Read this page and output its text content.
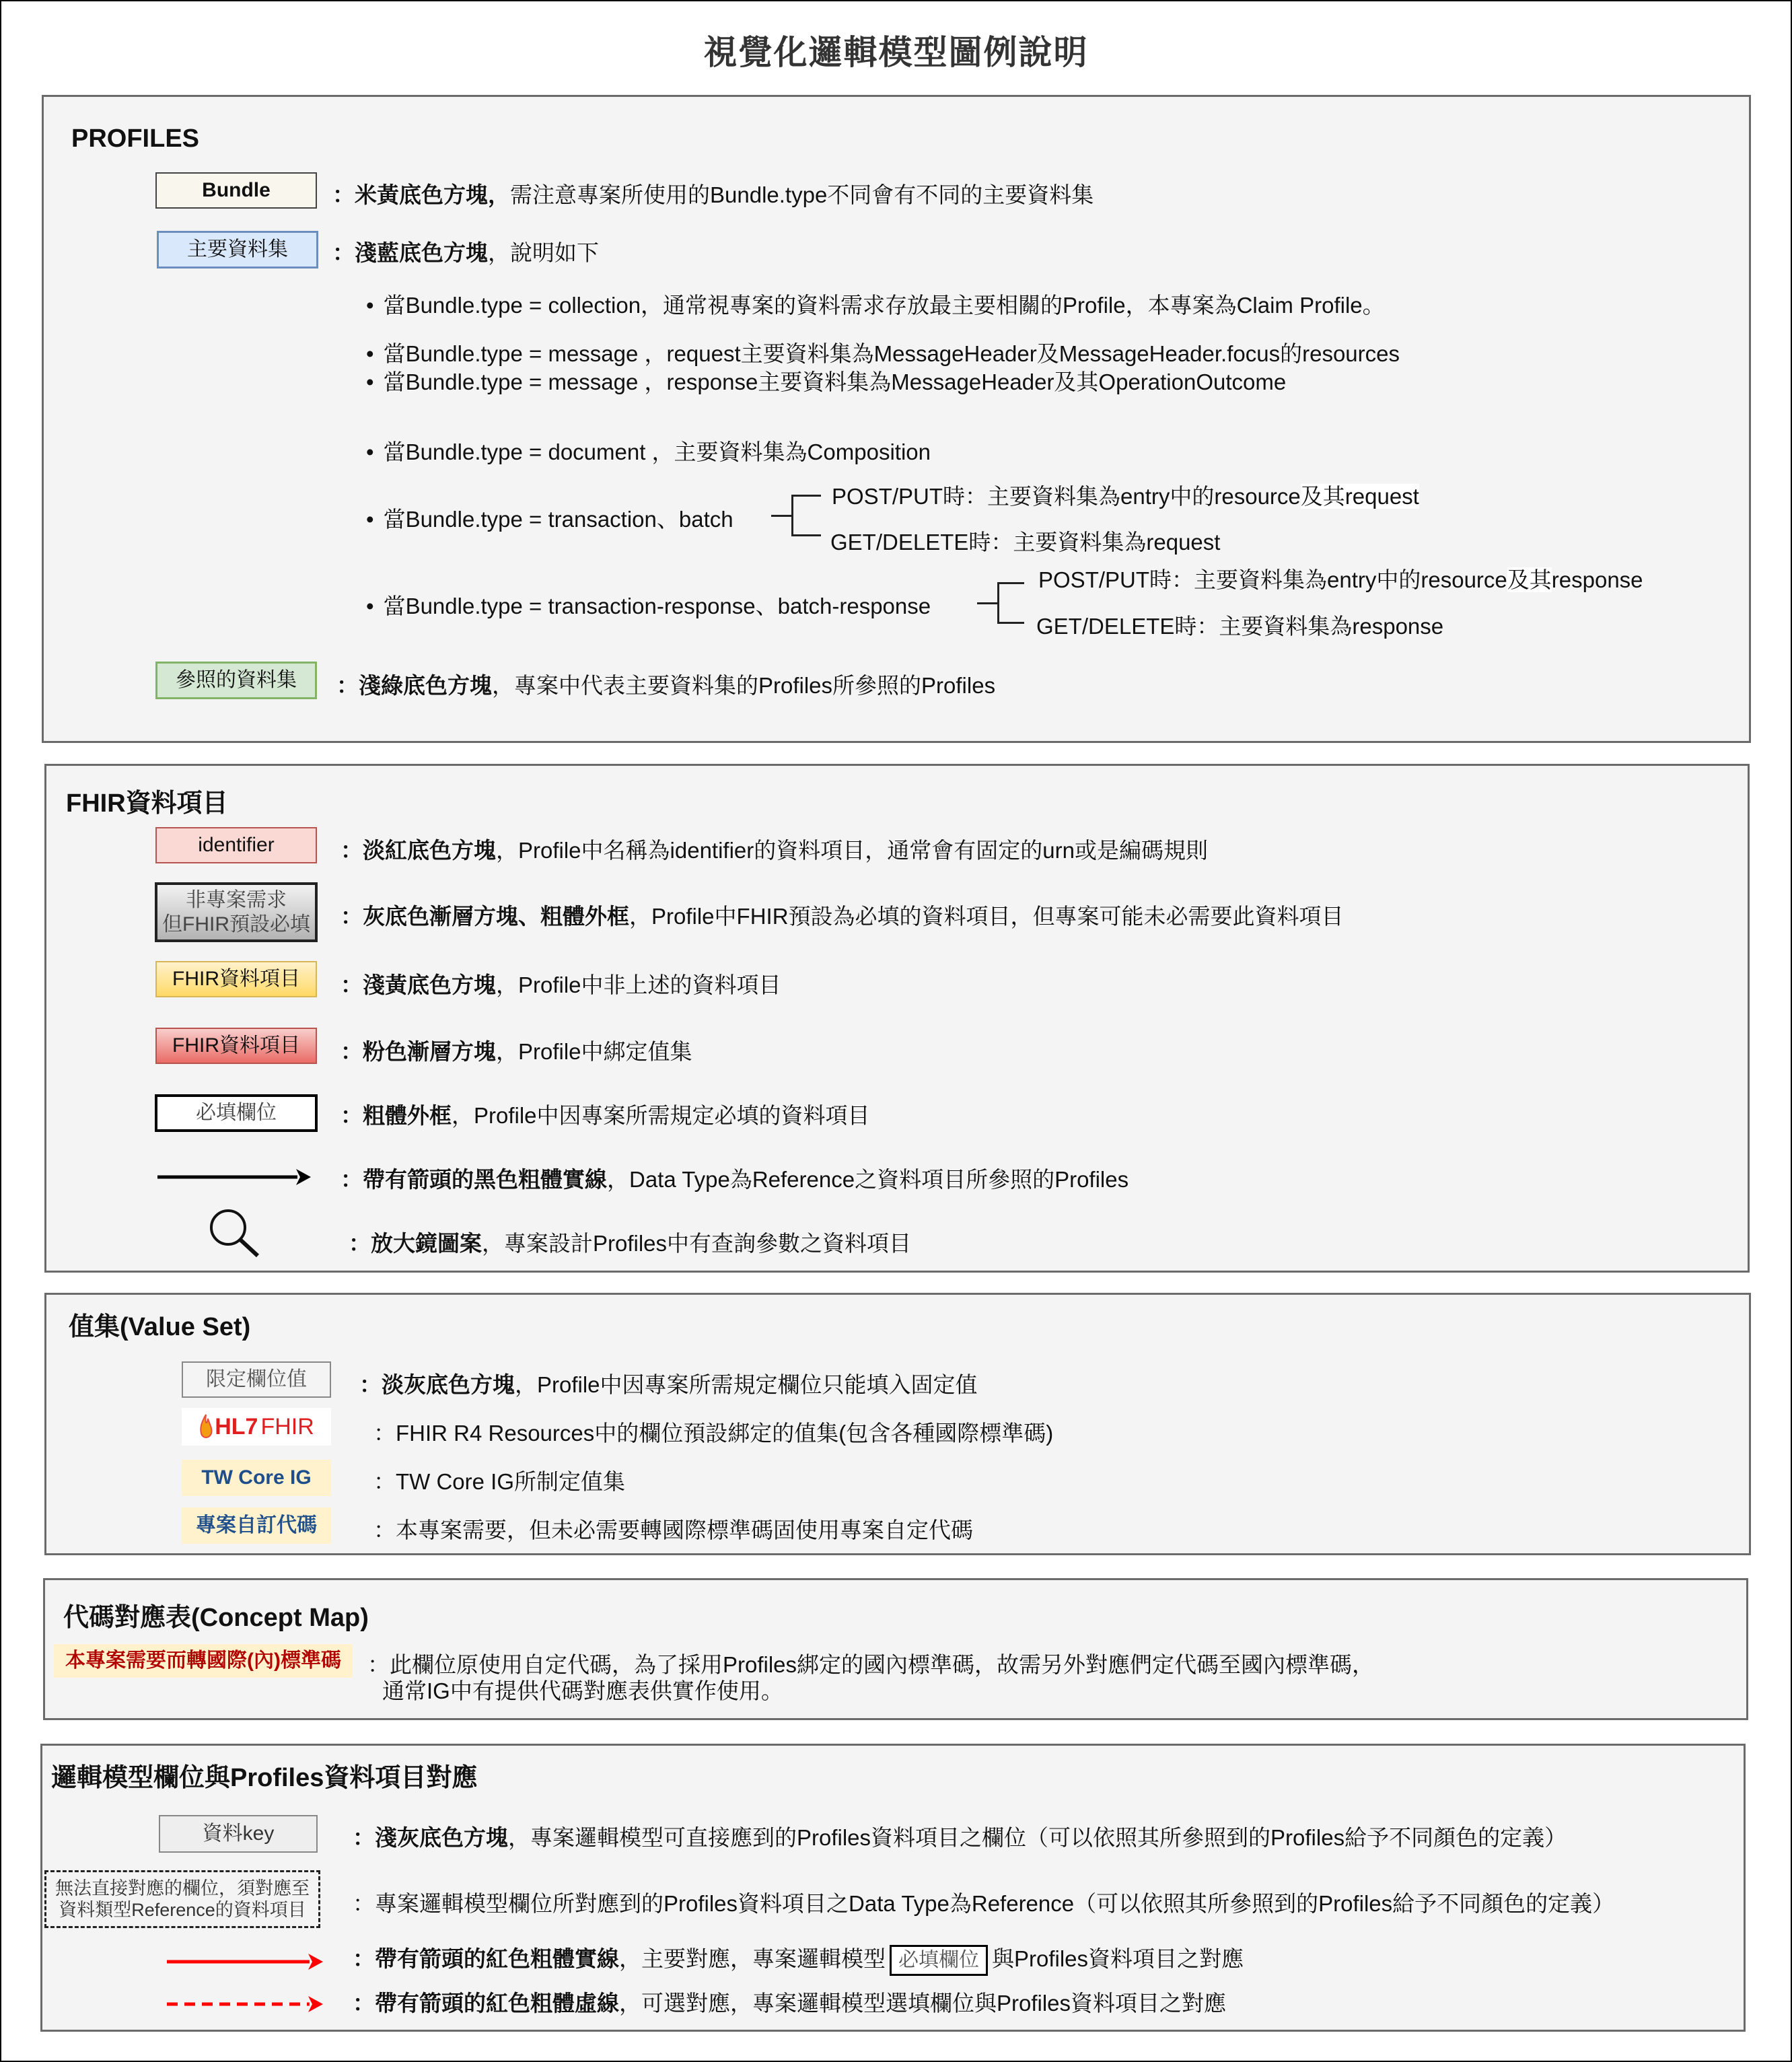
視覺化邏輯模型圖例說明
PROFILES
Bundle	：米黃底色方塊，需注意專案所使用的Bundle.type不同會有不同的主要資料集
主要資料集	：淺藍底色方塊，說明如下
• 當Bundle.type = collection，通常視專案的資料需求存放最主要相關的Profile，本專案為Claim Profile。
• 當Bundle.type = message ，request主要資料集為MessageHeader及MessageHeader.focus的resources
• 當Bundle.type = message ，response主要資料集為MessageHeader及其OperationOutcome
• 當Bundle.type = document ，主要資料集為Composition
• 當Bundle.type = transaction、batch
POST/PUT時：主要資料集為entry中的resource及其request
GET/DELETE時：主要資料集為request
• 當Bundle.type = transaction-response、batch-response
POST/PUT時：主要資料集為entry中的resource及其response
GET/DELETE時：主要資料集為response
參照的資料集	：淺綠底色方塊，專案中代表主要資料集的Profiles所參照的Profiles
FHIR資料項目
identifier	：淡紅底色方塊，Profile中名稱為identifier的資料項目，通常會有固定的urn或是編碼規則
非專案需求
但FHIR預設必填 ：灰底色漸層方塊、粗體外框，Profile中FHIR預設為必填的資料項目，但專案可能未必需要此資料項目
FHIR資料項目	：淺黃底色方塊，Profile中非上述的資料項目
FHIR資料項目	：粉色漸層方塊，Profile中綁定值集
必填欄位	：粗體外框，Profile中因專案所需規定必填的資料項目
：帶有箭頭的黑色粗體實線，Data Type為Reference之資料項目所參照的Profiles
：放大鏡圖案，專案設計Profiles中有查詢參數之資料項目
值集(Value Set)
限定欄位值	：淡灰底色方塊，Profile中因專案所需規定欄位只能填入固定值
HL7 FHIR	：FHIR R4 Resources中的欄位預設綁定的值集(包含各種國際標準碼)
TW Core IG	：TW Core IG所制定值集
專案自訂代碼	：本專案需要，但未必需要轉國際標準碼固使用專案自定代碼
代碼對應表(Concept Map)
本專案需要而轉國際(內)標準碼	：此欄位原使用自定代碼，為了採用Profiles綁定的國內標準碼，故需另外對應們定代碼至國內標準碼，
通常IG中有提供代碼對應表供實作使用。
邏輯模型欄位與Profiles資料項目對應
資料key	：淺灰底色方塊，專案邏輯模型可直接應到的Profiles資料項目之欄位（可以依照其所參照到的Profiles給予不同顏色的定義）
無法直接對應的欄位，須對應至
資料類型Reference的資料項目 ：專案邏輯模型欄位所對應到的Profiles資料項目之Data Type為Reference（可以依照其所參照到的Profiles給予不同顏色的定義）
：帶有箭頭的紅色粗體實線，主要對應，專案邏輯模型 必填欄位 與Profiles資料項目之對應
：帶有箭頭的紅色粗體虛線，可選對應，專案邏輯模型選填欄位與Profiles資料項目之對應
